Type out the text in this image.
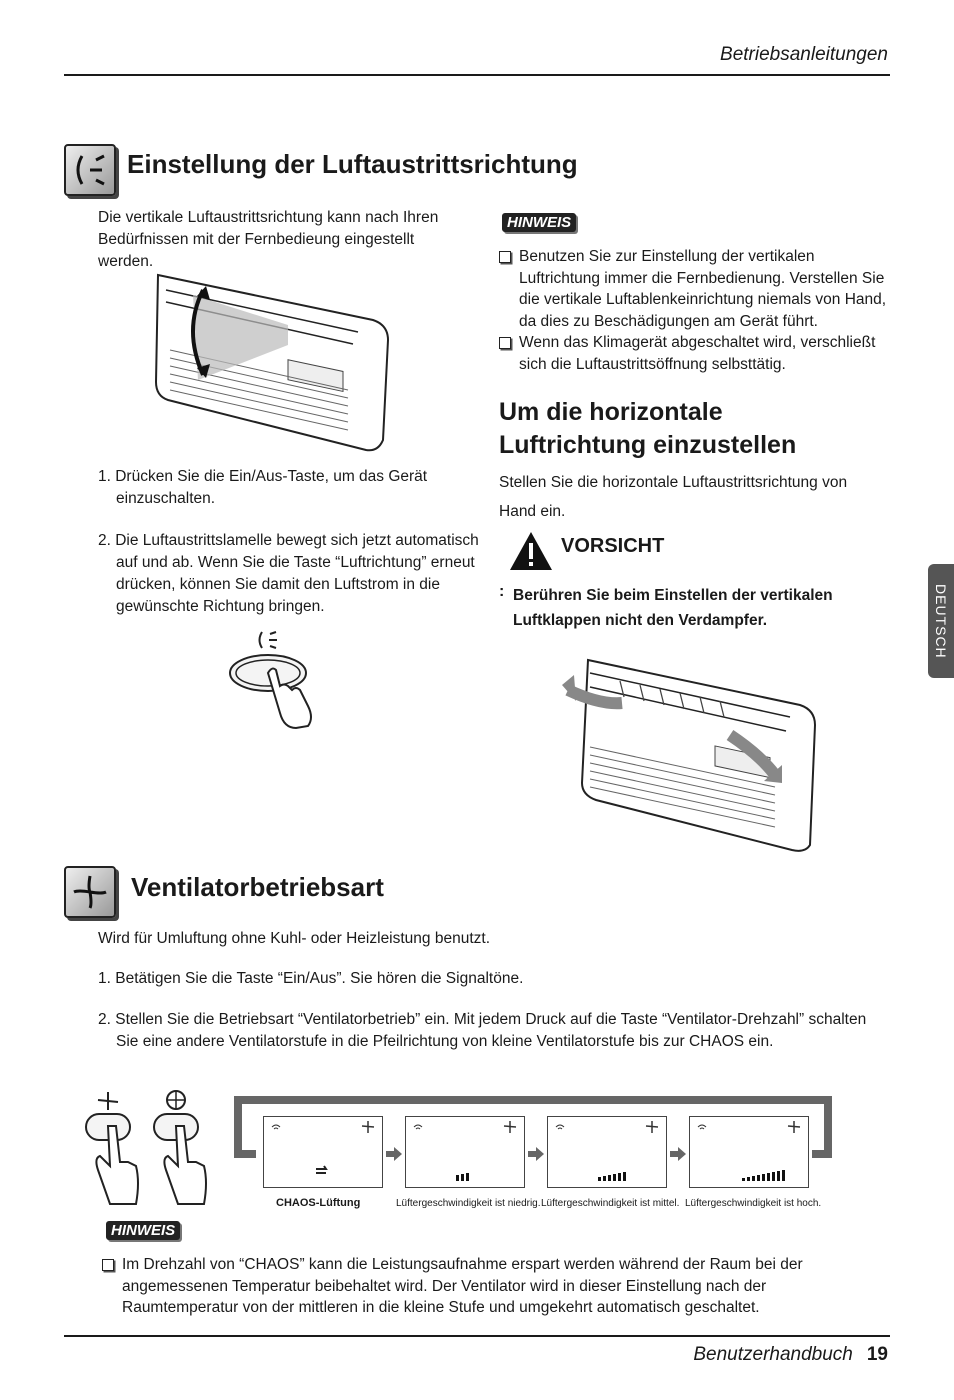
Betriebsanleitungen
Einstellung der Luftaustrittsrichtung
Die vertikale Luftaustrittsrichtung kann nach Ihren Bedürfnissen mit der Fernbedieung eingestellt werden.
1. Drücken Sie die Ein/Aus-Taste, um das Gerät einzuschalten.
2. Die Luftaustrittslamelle bewegt sich jetzt automatisch auf und ab. Wenn Sie die Taste “Luftrichtung” erneut drücken, können Sie damit den Luftstrom in die gewünschte Richtung bringen.
HINWEIS
Benutzen Sie zur Einstellung der vertikalen Luftrichtung immer die Fernbedienung. Verstellen Sie die vertikale Luftablenkeinrichtung niemals von Hand, da dies zu Beschädigungen am Gerät führt.
Wenn das Klimagerät abgeschaltet wird, verschließt sich die Luftaustrittsöffnung selbsttätig.
Um die horizontale
Luftrichtung einzustellen
Stellen Sie die horizontale Luftaustrittsrichtung von Hand ein.
VORSICHT
: Berühren Sie beim Einstellen der vertikalen Luftklappen nicht den Verdampfer.	DEUTSCH
Ventilatorbetriebsart
Wird für Umluftung ohne Kuhl- oder Heizleistung benutzt.
1. Betätigen Sie die Taste “Ein/Aus”. Sie hören die Signaltöne.
2. Stellen Sie die Betriebsart “Ventilatorbetrieb” ein. Mit jedem Druck auf die Taste “Ventilator-Drehzahl” schalten Sie eine andere Ventilatorstufe in die Pfeilrichtung von kleine Ventilatorstufe bis zur CHAOS ein.
CHAOS-Lüftung	Lüftergeschwindigkeit ist niedrig. Lüftergeschwindigkeit ist mittel. Lüftergeschwindigkeit ist hoch.
HINWEIS
Im Drehzahl von “CHAOS” kann die Leistungsaufnahme erspart werden während der Raum bei der angemessenen Temperatur beibehaltet wird. Der Ventilator wird in dieser Einstellung nach der Raumtemperatur von der mittleren in die kleine Stufe und umgekehrt automatisch geschaltet.
Benutzerhandbuch 19
